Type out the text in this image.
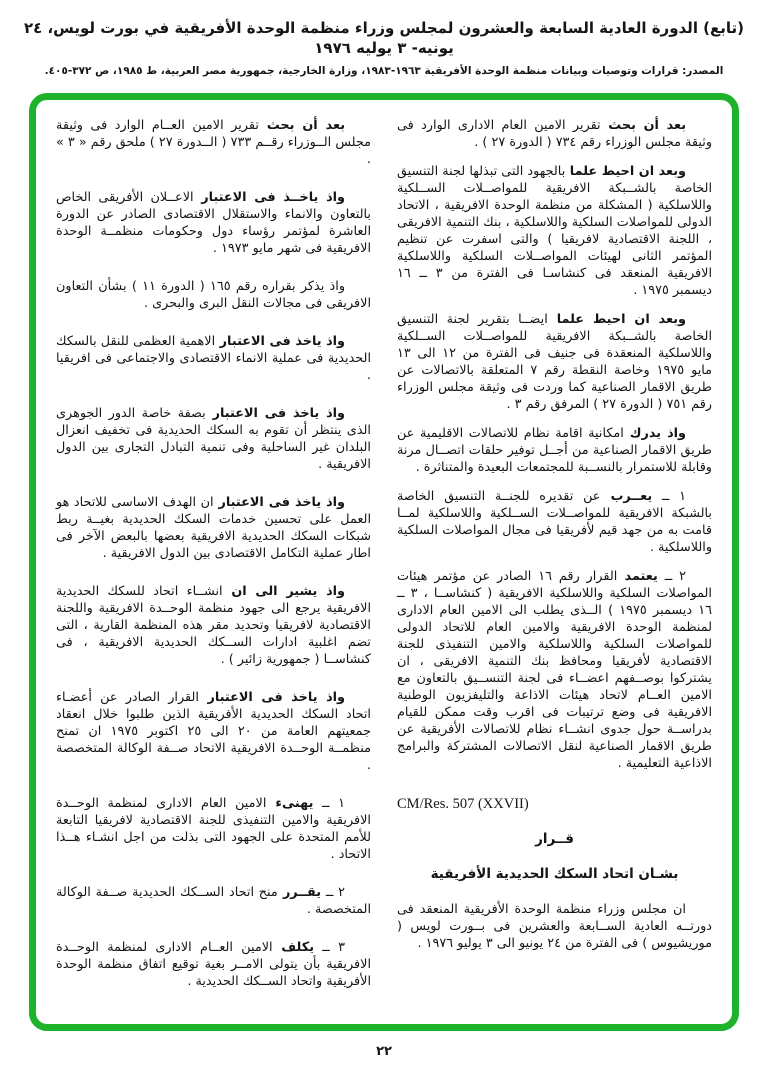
(تابع) الدورة العادية السابعة والعشرون لمجلس وزراء منظمة الوحدة الأفريقية في بورت لويس، ٢٤ يونيه- ٣ يوليه ١٩٧٦
المصدر: قرارات وتوصيات وبيانات منظمة الوحدة الأفريقية ١٩٦٣-١٩٨٣، وزارة الخارجية، جمهورية مصر العربية، ط ١٩٨٥، ص ٣٧٢-٤٠٥.

بعد أن بحث تقرير الامين العام الادارى الوارد فى وثيقة مجلس الوزراء رقم ٧٣٤ ( الدورة ٢٧ ) .

وبعد ان احيط علما بالجهود التى تبذلها لجنة التنسيق الخاصة بالشــبكة الافريقية للمواصــلات الســلكية واللاسلكية ( المشكلة من منظمة الوحدة الافريقية ، الاتحاد الدولى للمواصلات السلكية واللاسلكية ، بنك التنمية الافريقى ، اللجنة الاقتصادية لافريقيا ) والتى اسفرت عن تنظيم المؤتمر الثانى لهيئات المواصــلات السلكية واللاسلكية الافريقية المنعقد فى كنشاسـا فى الفترة من ٣ ــ ١٦ ديسمبر ١٩٧٥ .

وبعد ان احيط علما ايضــا بتقرير لجنة التنسيق الخاصة بالشــبكة الافريقية للمواصــلات الســلكية واللاسلكية المنعقدة فى جنيف فى الفترة من ١٢ الى ١٣ مايو ١٩٧٥ وخاصة النقطة رقم ٧ المتعلقة بالاتصالات عن طريق الاقمار الصناعية كما وردت فى وثيقة مجلس الوزراء رقم ٧٥١ ( الدورة ٢٧ ) المرفق رقم ٣ .

واذ يدرك امكانية اقامة نظام للاتصالات الاقليمية عن طريق الاقمار الصناعية من أجــل توفير حلقات اتصــال مرنة وقابلة للاستمرار بالنســبة للمجتمعات البعيدة والمتناثرة .

١ ــ يعــرب عن تقديره للجنــة التنسيق الخاصة بالشبكة الافريقية للمواصــلات الســلكية واللاسلكية لمــا قامت به من جهد قيم لأفريقيا فى مجال المواصلات السلكية واللاسلكية .

٢ ــ يعتمد القرار رقم ١٦ الصادر عن مؤتمر هيئات المواصلات السلكية واللاسلكية الافريقية ( كنشاســا ، ٣ ــ ١٦ ديسمبر ١٩٧٥ ) الــذى يطلب الى الامين العام الادارى لمنظمة الوحدة الافريقية والامين العام للاتحاد الدولى للمواصلات السلكية واللاسلكية والامين التنفيذى للجنة الاقتصادية لأفريقيا ومحافظ بنك التنمية الافريقى ، ان يشتركوا بوصــفهم اعضــاء فى لجنة التنســيق بالتعاون مع الامين العــام لاتحاد هيئات الاذاعة والتليفزيون الوطنية الافريقية فى وضع ترتيبات فى اقرب وقت ممكن للقيام بدراســة حول جدوى انشــاء نظام للاتصالات الأفريقية عن طريق الاقمار الصناعية لنقل الاتصالات المشتركة والبرامج الاذاعية التعليمية .

CM/Res. 507 (XXVII)

قــرار

بشـان اتحاد السكك الحديدية الأفريقية

ان مجلس وزراء منظمة الوحدة الأفريقية المنعقد فى دورتــه العادية الســابعة والعشرين فى بــورت لويس ( موريشيوس ) فى الفترة من ٢٤ يونيو الى ٣ يوليو ١٩٧٦ .

بعد أن بحث تقرير الامين العــام الوارد فى وثيقة مجلس الــوزراء رقــم ٧٣٣ ( الــدورة ٢٧ ) ملحق رقم « ٣ » .

واذ ياخــذ فى الاعتبار الاعــلان الأفريقى الخاص بالتعاون والانماء والاستقلال الاقتصادى الصادر عن الدورة العاشرة لمؤتمر رؤساء دول وحكومات منظمــة الوحدة الافريقية فى شهر مايو ١٩٧٣ .

واذ يذكر بقراره رقم ١٦٥ ( الدورة ١١ ) بشأن التعاون الافريقى فى مجالات النقل البرى والبحرى .

واذ ياخذ فى الاعتبار الاهمية العظمى للنقل بالسكك الحديدية فى عملية الانماء الاقتصادى والاجتماعى فى افريقيا .

واذ ياخذ فى الاعتبار بصفة خاصة الدور الجوهرى الذى ينتظر أن تقوم به السكك الحديدية فى تخفيف انعزال البلدان غير الساحلية وفى تنمية التبادل التجارى بين الدول الافريقية .

واذ ياخذ فى الاعتبار ان الهدف الاساسى للاتحاد هو العمل على تحسين خدمات السكك الحديدية بغيــة ربط شبكات السكك الحديدية الافريقية بعضها بالبعض الآخر فى اطار عملية التكامل الاقتصادى بين الدول الافريقية .

واذ يشير الى ان انشــاء اتحاد للسكك الحديدية الافريقية يرجع الى جهود منظمة الوحــدة الافريقية واللجنة الاقتصادية لافريقيا وتحديد مقر هذه المنظمة القارية ، التى تضم اغلبية ادارات الســكك الحديدية الافريقية ، فى كنشاســا ( جمهورية زائير ) .

واذ ياخذ فى الاعتبار القرار الصادر عن أعضـاء اتحاد السكك الحديدية الأفريقية الذين طلبوا خلال انعقاد جمعيتهم العامة من ٢٠ الى ٢٥ اكتوبر ١٩٧٥ ان تمنح منظمــة الوحــدة الافريقية الاتحاد صــفة الوكالة المتخصصة .

١ ــ يهنىء الامين العام الادارى لمنظمة الوحــدة الافريقية والامين التنفيذى للجنة الاقتصادية لافريقيا التابعة للأمم المتحدة على الجهود التى بذلت من اجل انشـاء هــذا الاتحاد .

٢ ــ يقــرر منح اتحاد الســكك الحديدية صــفة الوكالة المتخصصة .

٣ ــ يكلف الامين العــام الادارى لمنظمة الوحــدة الافريقية بأن يتولى الامــر بغية توقيع اتفاق منظمة الوحدة الأفريقية واتحاد الســكك الحديدية .

٢٢
